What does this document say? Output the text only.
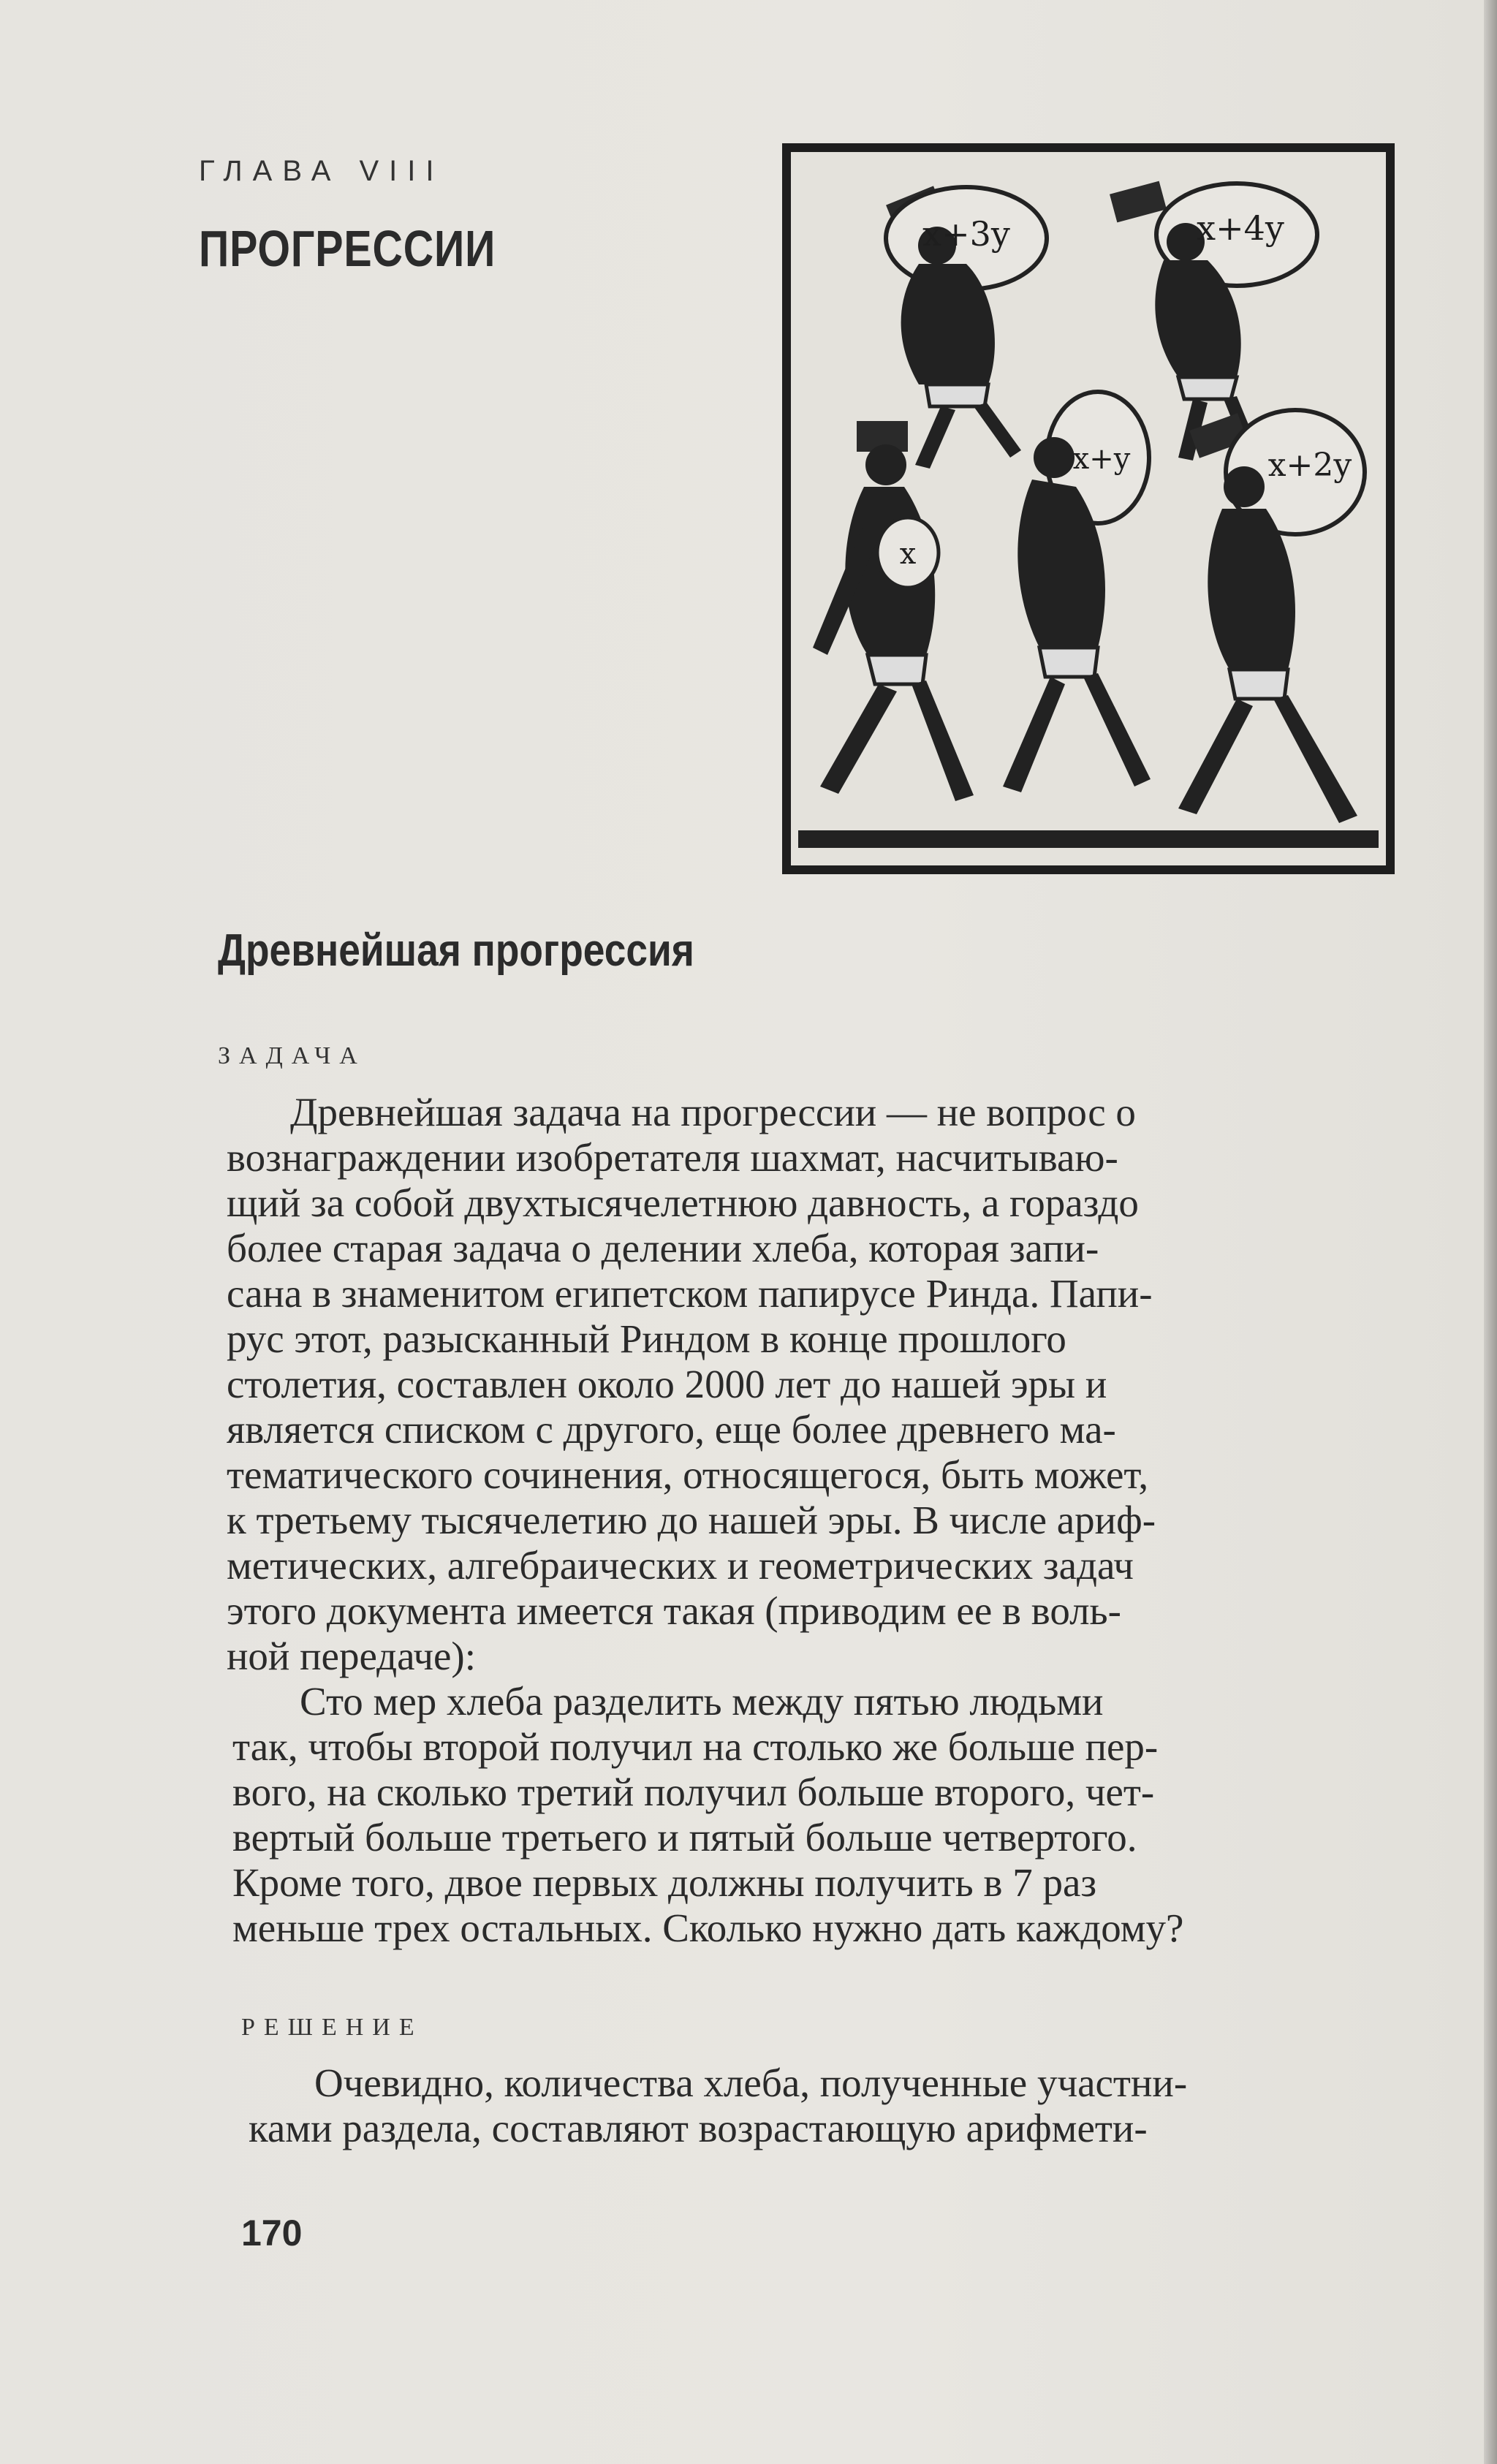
ГЛАВА VIII
ПРОГРЕССИИ	x+3y	x+4y
x
x+y	x+2y
Древнейшая прогрессия
ЗАДАЧА
Древнейшая задача на прогрессии — не вопрос о
вознаграждении изобретателя шахмат, насчитываю-
щий за собой двухтысячелетнюю давность, а гораздо
более старая задача о делении хлеба, которая запи-
сана в знаменитом египетском папирусе Ринда. Папи-
рус этот, разысканный Риндом в конце прошлого
столетия, составлен около 2000 лет до нашей эры и
является списком с другого, еще более древнего ма-
тематического сочинения, относящегося, быть может,
к третьему тысячелетию до нашей эры. В числе ариф-
метических, алгебраических и геометрических задач
этого документа имеется такая (приводим ее в воль-
ной передаче):
Сто мер хлеба разделить между пятью людьми
так, чтобы второй получил на столько же больше пер-
вого, на сколько третий получил больше второго, чет-
вертый больше третьего и пятый больше четвертого.
Кроме того, двое первых должны получить в 7 раз
меньше трех остальных. Сколько нужно дать каждому?
РЕШЕНИЕ
Очевидно, количества хлеба, полученные участни-
ками раздела, составляют возрастающую арифмети-
170
